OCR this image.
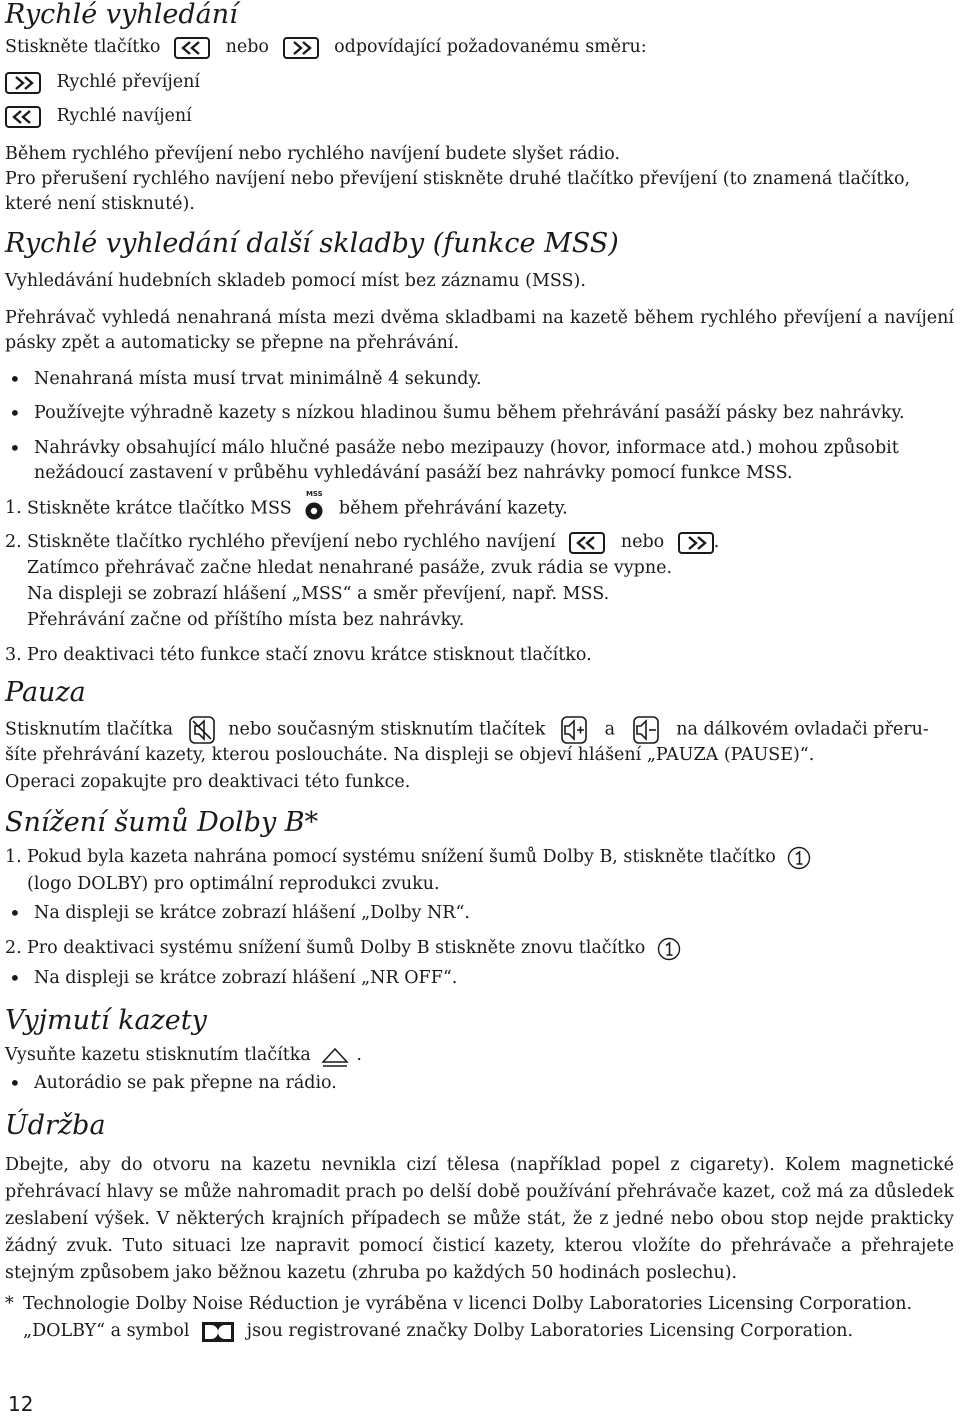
Rychlé vyhledání

Stiskněte tlačítko	nebo	odpovídající požadovanému směru:

Rychlé převíjení

Rychlé navíjení

Během rychlého převíjení nebo rychlého navíjení budete slyšet rádio.

Pro přerušení rychlého navíjení nebo převíjení stiskněte druhé tlačítko převíjení (to znamená tlačítko, které není stisknuté).

Rychlé vyhledání další skladby (funkce MSS)

Vyhledávání hudebních skladeb pomocí míst bez záznamu (MSS).

Přehrávač vyhledá nenahraná místa mezi dvěma skladbami na kazetě během rychlého převíjení a navíjení pásky zpět a automaticky se přepne na přehrávání.

• Nenahraná místa musí trvat minimálně 4 sekundy.

• Používejte výhradně kazety s nízkou hladinou šumu během přehrávání pasáží pásky bez nahrávky.

• Nahrávky obsahující málo hlučné pasáže nebo mezipauzy (hovor, informace atd.) mohou způsobit nežádoucí zastavení v průběhu vyhledávání pasáží bez nahrávky pomocí funkce MSS.

1. Stiskněte krátce tlačítko MSS
MSS
během přehrávání kazety.

2. Stiskněte tlačítko rychlého převíjení nebo rychlého navíjení	nebo	.

Zatímco přehrávač začne hledat nenahrané pasáže, zvuk rádia se vypne.

Na displeji se zobrazí hlášení „MSS“ a směr převíjení, např. MSS.

Přehrávání začne od příštího místa bez nahrávky.

3. Pro deaktivaci této funkce stačí znovu krátce stisknout tlačítko.

Pauza

Stisknutím tlačítka	nebo současným stisknutím tlačítek	a	na dálkovém ovladači přeru-

šíte přehrávání kazety, kterou posloucháte. Na displeji se objeví hlášení „PAUZA (PAUSE)“.

Operaci zopakujte pro deaktivaci této funkce.

Snížení šumů Dolby B*

1. Pokud byla kazeta nahrána pomocí systému snížení šumů Dolby B, stiskněte tlačítko

(logo DOLBY) pro optimální reprodukci zvuku.

• Na displeji se krátce zobrazí hlášení „Dolby NR“.

2. Pro deaktivaci systému snížení šumů Dolby B stiskněte znovu tlačítko

• Na displeji se krátce zobrazí hlášení „NR OFF“.

Vyjmutí kazety

Vysuňte kazetu stisknutím tlačítka	.

• Autorádio se pak přepne na rádio.

Údržba

Dbejte, aby do otvoru na kazetu nevnikla cizí tělesa (například popel z cigarety). Kolem magnetické přehrávací hlavy se může nahromadit prach po delší době používání přehrávače kazet, což má za důsledek zeslabení výšek. V některých krajních případech se může stát, že z jedné nebo obou stop nejde prakticky žádný zvuk. Tuto situaci lze napravit pomocí čisticí kazety, kterou vložíte do přehrávače a přehrajete stejným způsobem jako běžnou kazetu (zhruba po každých 50 hodinách poslechu).

* Technologie Dolby Noise Réduction je vyráběna v licenci Dolby Laboratories Licensing Corporation.

„DOLBY“ a symbol	jsou registrované značky Dolby Laboratories Licensing Corporation.

12
